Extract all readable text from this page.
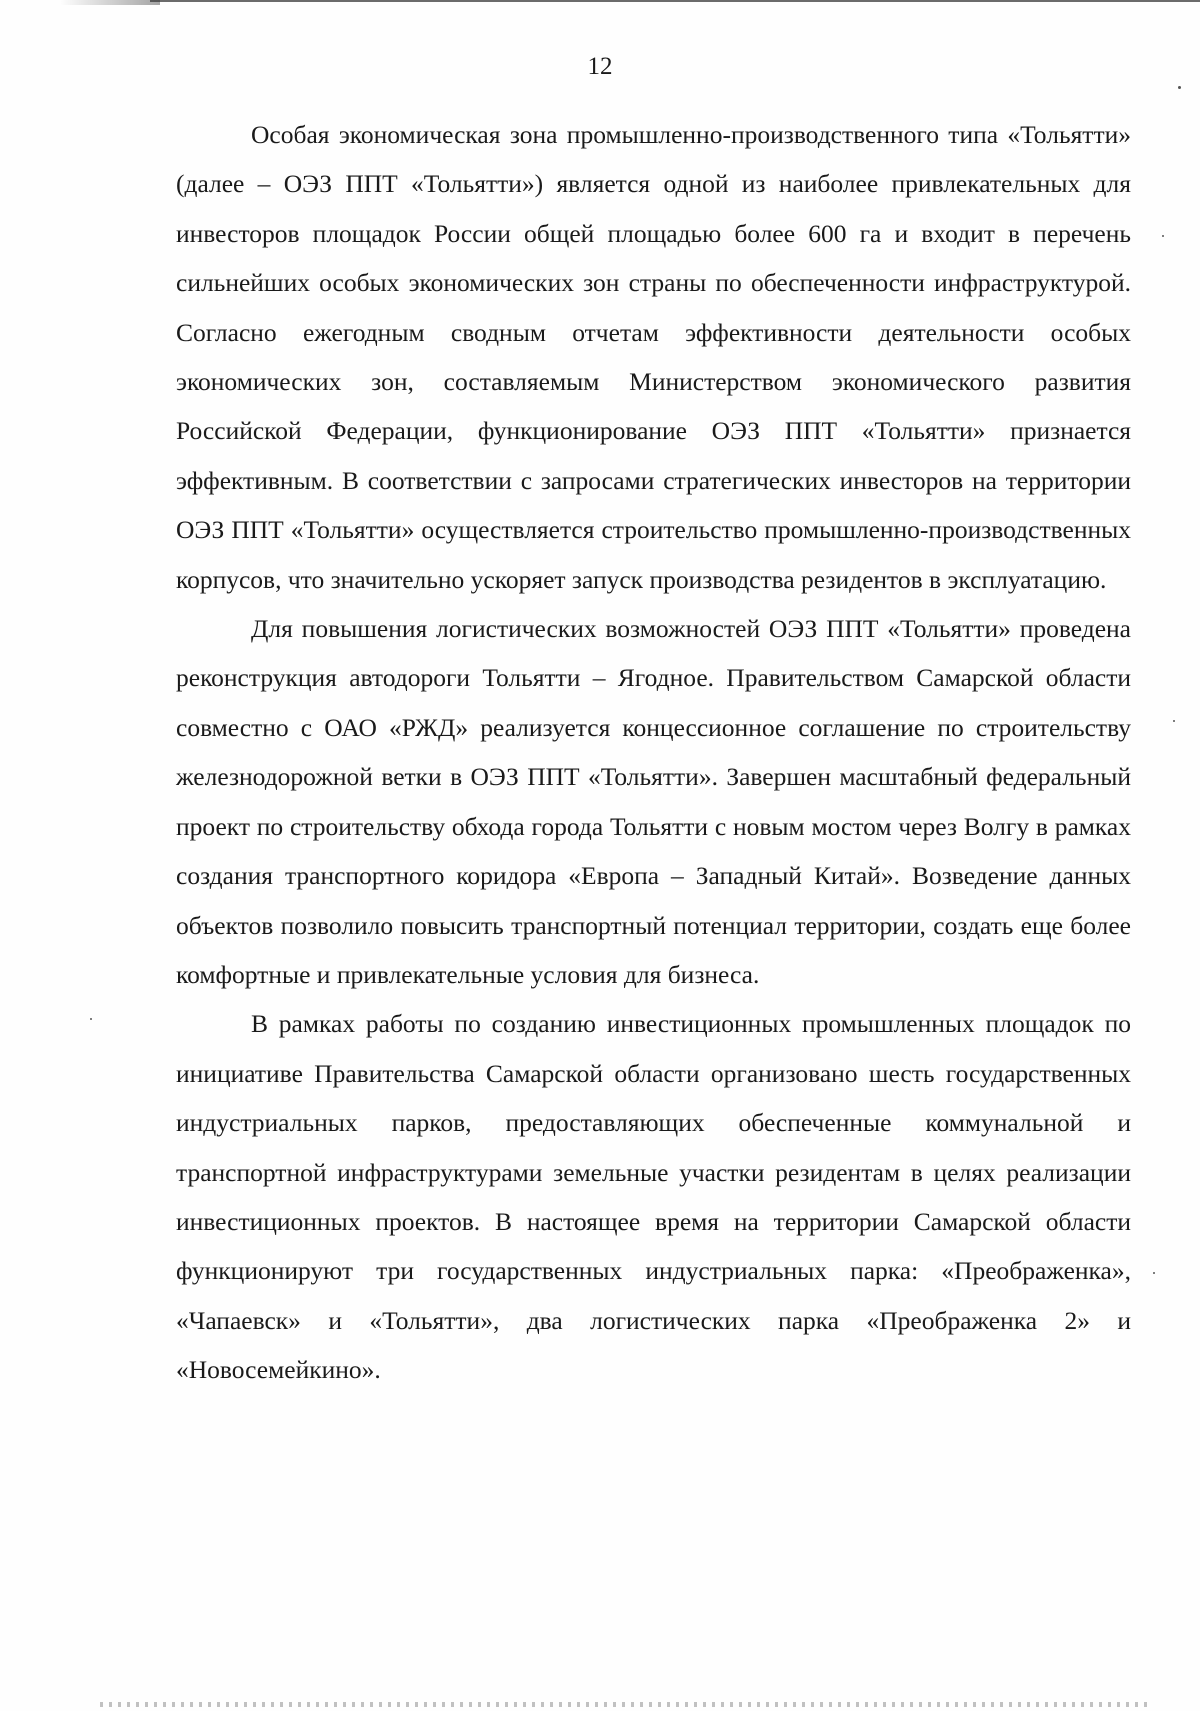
12

Особая экономическая зона промышленно-производственного типа «Тольятти» (далее – ОЭЗ ППТ «Тольятти») является одной из наиболее привлекательных для инвесторов площадок России общей площадью более 600 га и входит в перечень сильнейших особых экономических зон страны по обеспеченности инфраструктурой. Согласно ежегодным сводным отчетам эффективности деятельности особых экономических зон, составляемым Министерством экономического развития Российской Федерации, функционирование ОЭЗ ППТ «Тольятти» признается эффективным. В соответствии с запросами стратегических инвесторов на территории ОЭЗ ППТ «Тольятти» осуществляется строительство промышленно-производственных корпусов, что значительно ускоряет запуск производства резидентов в эксплуатацию.

Для повышения логистических возможностей ОЭЗ ППТ «Тольятти» проведена реконструкция автодороги Тольятти – Ягодное. Правительством Самарской области совместно с ОАО «РЖД» реализуется концессионное соглашение по строительству железнодорожной ветки в ОЭЗ ППТ «Тольятти». Завершен масштабный федеральный проект по строительству обхода города Тольятти с новым мостом через Волгу в рамках создания транспортного коридора «Европа – Западный Китай». Возведение данных объектов позволило повысить транспортный потенциал территории, создать еще более комфортные и привлекательные условия для бизнеса.

В рамках работы по созданию инвестиционных промышленных площадок по инициативе Правительства Самарской области организовано шесть государственных индустриальных парков, предоставляющих обеспеченные коммунальной и транспортной инфраструктурами земельные участки резидентам в целях реализации инвестиционных проектов. В настоящее время на территории Самарской области функционируют три государственных индустриальных парка: «Преображенка», «Чапаевск» и «Тольятти», два логистических парка «Преображенка 2» и «Новосемейкино».
